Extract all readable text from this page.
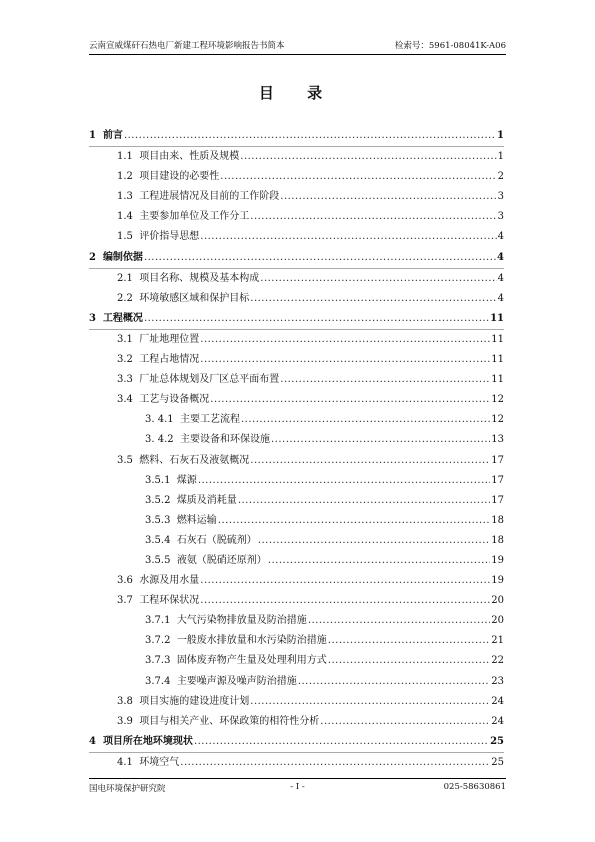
云南宣威煤矸石热电厂新建工程环境影响报告书简本	检索号：5961-08041K-A06
目 录
1 前言 .....	1
1.1 项目由来、性质及规模 .....	1
1.2 项目建设的必要性 .....	2
1.3 工程进展情况及目前的工作阶段 .....	3
1.4 主要参加单位及工作分工 .....	3
1.5 评价指导思想 .....	4
2 编制依据 .....	4
2.1 项目名称、规模及基本构成 .....	4
2.2 环境敏感区域和保护目标 .....	4
3 工程概况 .....	11
3.1 厂址地理位置 .....	11
3.2 工程占地情况 .....	11
3.3 厂址总体规划及厂区总平面布置 .....	11
3.4 工艺与设备概况 .....	12
3. 4.1 主要工艺流程 .....	12
3. 4.2 主要设备和环保设施 .....	13
3.5 燃料、石灰石及液氨概况 .....	17
3.5.1 煤源 .....	17
3.5.2 煤质及消耗量 .....	17
3.5.3 燃料运输 .....	18
3.5.4 石灰石（脱硫剂） .....	18
3.5.5 液氨（脱硝还原剂） .....	19
3.6 水源及用水量 .....	19
3.7 工程环保状况 .....	20
3.7.1 大气污染物排放量及防治措施 .....	20
3.7.2 一般废水排放量和水污染防治措施 .....	21
3.7.3 固体废弃物产生量及处理利用方式 .....	22
3.7.4 主要噪声源及噪声防治措施 .....	23
3.8 项目实施的建设进度计划 .....	24
3.9 项目与相关产业、环保政策的相符性分析 .....	24
4 项目所在地环境现状 .....	25
4.1 环境空气 .....	25
国电环境保护研究院	- I -	025-58630861
